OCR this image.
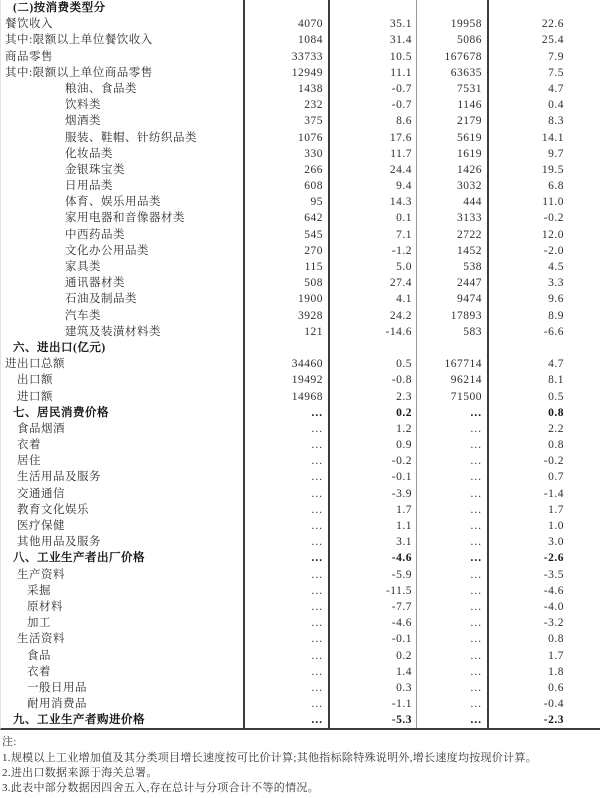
(二)按消费类型分
餐饮收入	4070	35.1	19958	22.6
其中:限额以上单位餐饮收入	1084	31.4	5086	25.4
商品零售	33733	10.5	167678	7.9
其中:限额以上单位商品零售	12949	11.1	63635	7.5
粮油、食品类	1438	-0.7	7531	4.7
饮料类	232	-0.7	1146	0.4
烟酒类	375	8.6	2179	8.3
服装、鞋帽、针纺织品类	1076	17.6	5619	14.1
化妆品类	330	11.7	1619	9.7
金银珠宝类	266	24.4	1426	19.5
日用品类	608	9.4	3032	6.8
体育、娱乐用品类	95	14.3	444	11.0
家用电器和音像器材类	642	0.1	3133	-0.2
中西药品类	545	7.1	2722	12.0
文化办公用品类	270	-1.2	1452	-2.0
家具类	115	5.0	538	4.5
通讯器材类	508	27.4	2447	3.3
石油及制品类	1900	4.1	9474	9.6
汽车类	3928	24.2	17893	8.9
建筑及装潢材料类	121	-14.6	583	-6.6
六、进出口(亿元)
进出口总额	34460	0.5	167714	4.7
出口额	19492	-0.8	96214	8.1
进口额	14968	2.3	71500	0.5
七、居民消费价格	…	0.2	…	0.8
食品烟酒	…	1.2	…	2.2
衣着	…	0.9	…	0.8
居住	…	-0.2	…	-0.2
生活用品及服务	…	-0.1	…	0.7
交通通信	…	-3.9	…	-1.4
教育文化娱乐	…	1.7	…	1.7
医疗保健	…	1.1	…	1.0
其他用品及服务	…	3.1	…	3.0
八、工业生产者出厂价格	…	-4.6	…	-2.6
生产资料	…	-5.9	…	-3.5
采掘	…	-11.5	…	-4.6
原材料	…	-7.7	…	-4.0
加工	…	-4.6	…	-3.2
生活资料	…	-0.1	…	0.8
食品	…	0.2	…	1.7
衣着	…	1.4	…	1.8
一般日用品	…	0.3	…	0.6
耐用消费品	…	-1.1	…	-0.4
九、工业生产者购进价格	…	-5.3	…	-2.3
注:
1.规模以上工业增加值及其分类项目增长速度按可比价计算;其他指标除特殊说明外,增长速度均按现价计算。
2.进出口数据来源于海关总署。
3.此表中部分数据因四舍五入,存在总计与分项合计不等的情况。
